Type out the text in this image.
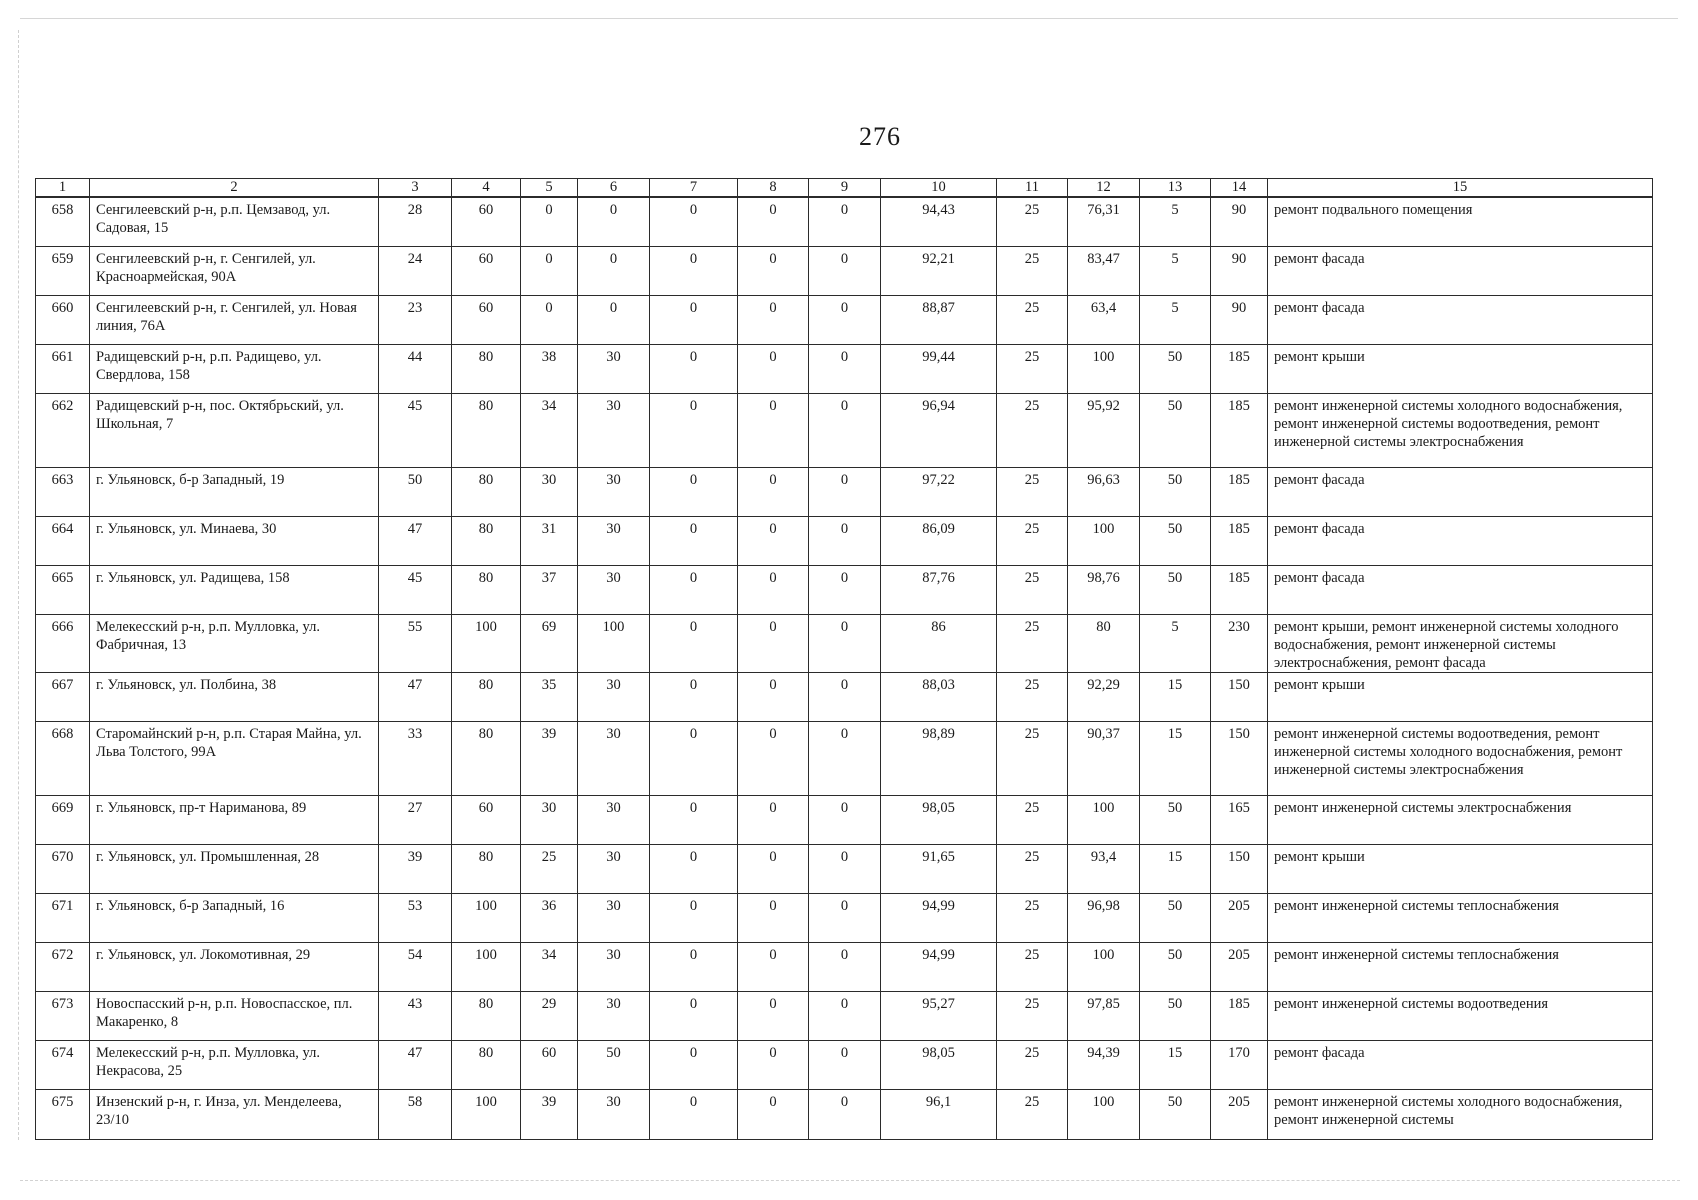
276
1	2	3	4	5	6	7	8	9	10	11	12	13	14	15
658	Сенгилеевский р-н, р.п. Цемзавод, ул. Садовая, 15	28	60	0	0	0	0	0	94,43	25	76,31	5	90	ремонт подвального помещения
659	Сенгилеевский р-н, г. Сенгилей, ул. Красноармейская, 90А	24	60	0	0	0	0	0	92,21	25	83,47	5	90	ремонт фасада
660	Сенгилеевский р-н, г. Сенгилей, ул. Новая линия, 76А	23	60	0	0	0	0	0	88,87	25	63,4	5	90	ремонт фасада
661	Радищевский р-н, р.п. Радищево, ул. Свердлова, 158	44	80	38	30	0	0	0	99,44	25	100	50	185	ремонт крыши
662	Радищевский р-н, пос. Октябрьский, ул. Школьная, 7	45	80	34	30	0	0	0	96,94	25	95,92	50	185	ремонт инженерной системы холодного водоснабжения, ремонт инженерной системы водоотведения, ремонт инженерной системы электроснабжения
663	г. Ульяновск, б-р Западный, 19	50	80	30	30	0	0	0	97,22	25	96,63	50	185	ремонт фасада
664	г. Ульяновск, ул. Минаева, 30	47	80	31	30	0	0	0	86,09	25	100	50	185	ремонт фасада
665	г. Ульяновск, ул. Радищева, 158	45	80	37	30	0	0	0	87,76	25	98,76	50	185	ремонт фасада
666	Мелекесский р-н, р.п. Мулловка, ул. Фабричная, 13	55	100	69	100	0	0	0	86	25	80	5	230	ремонт крыши, ремонт инженерной системы холодного водоснабжения, ремонт инженерной системы электроснабжения, ремонт фасада
667	г. Ульяновск, ул. Полбина, 38	47	80	35	30	0	0	0	88,03	25	92,29	15	150	ремонт крыши
668	Старомайнский р-н, р.п. Старая Майна, ул. Льва Толстого, 99А	33	80	39	30	0	0	0	98,89	25	90,37	15	150	ремонт инженерной системы водоотведения, ремонт инженерной системы холодного водоснабжения, ремонт инженерной системы электроснабжения
669	г. Ульяновск, пр-т Нариманова, 89	27	60	30	30	0	0	0	98,05	25	100	50	165	ремонт инженерной системы электроснабжения
670	г. Ульяновск, ул. Промышленная, 28	39	80	25	30	0	0	0	91,65	25	93,4	15	150	ремонт крыши
671	г. Ульяновск, б-р Западный, 16	53	100	36	30	0	0	0	94,99	25	96,98	50	205	ремонт инженерной системы теплоснабжения
672	г. Ульяновск, ул. Локомотивная, 29	54	100	34	30	0	0	0	94,99	25	100	50	205	ремонт инженерной системы теплоснабжения
673	Новоспасский р-н, р.п. Новоспасское, пл. Макаренко, 8	43	80	29	30	0	0	0	95,27	25	97,85	50	185	ремонт инженерной системы водоотведения
674	Мелекесский р-н, р.п. Мулловка, ул. Некрасова, 25	47	80	60	50	0	0	0	98,05	25	94,39	15	170	ремонт фасада
675	Инзенский р-н, г. Инза, ул. Менделеева, 23/10	58	100	39	30	0	0	0	96,1	25	100	50	205	ремонт инженерной системы холодного водоснабжения, ремонт инженерной системы
